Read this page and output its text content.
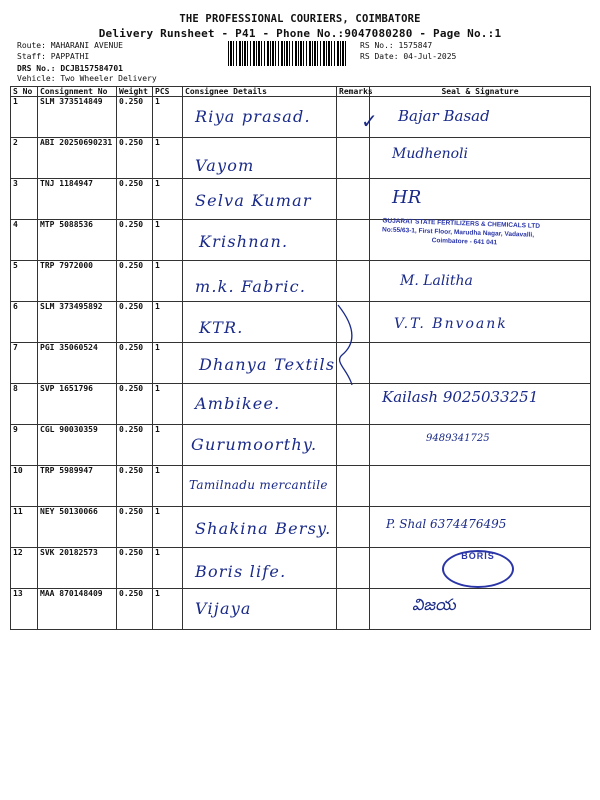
THE PROFESSIONAL COURIERS, COIMBATORE
Delivery Runsheet - P41 - Phone No.:9047080280 - Page No.:1
Route: MAHARANI AVENUE
Staff: PAPPATHI
DRS No.: DCJB157584701
Vehicle: Two Wheeler Delivery
RS No.: 1575847
RS Date: 04-Jul-2025
S No	Consignment No	Weight	PCS	Consignee Details	Remarks	Seal & Signature
1	SLM 373514849	0.250	1	Riya prasad.	✓	Bajar Basad

2	ABI 20250690231	0.250	1	Vayom		Mudhenoli

3	TNJ 1184947	0.250	1	Selva Kumar		HR

4	MTP 5088536	0.250	1	Krishnan.		GUJARAT STATE FERTILIZERS & CHEMICALS LTD
No:55/63-1, First Floor, Marudha Nagar, Vadavalli,
Coimbatore - 641 041

5	TRP 7972000	0.250	1	m.k. Fabric.		M. Lalitha

6	SLM 373495892	0.250	1	KTR.		V.T. Bnvoank

7	PGI 35060524	0.250	1	Dhanya Textils		

8	SVP 1651796	0.250	1	Ambikee.		Kailash 9025033251

9	CGL 90030359	0.250	1	Gurumoorthy.		9489341725

10	TRP 5989947	0.250	1	Tamilnadu mercantile		

11	NEY 50130066	0.250	1	Shakina Bersy.		P. Shal 6374476495

12	SVK 20182573	0.250	1	Boris life.		BORIS

13	MAA 870148409	0.250	1	Vijaya		విజయ
